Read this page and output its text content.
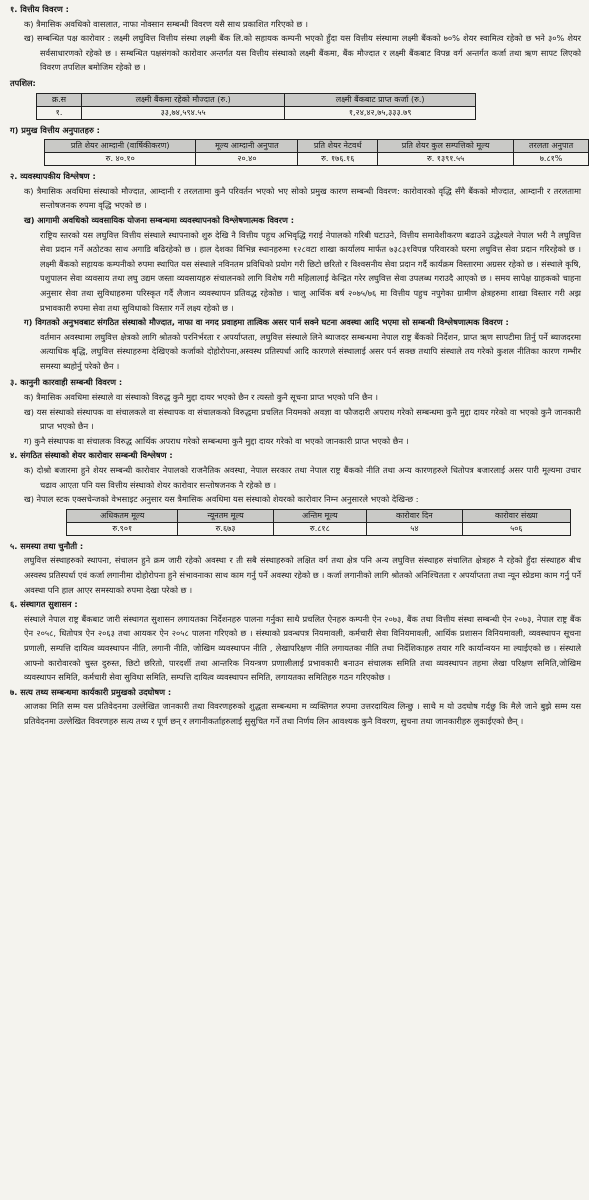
१. वित्तीय विवरण :

क) त्रैमासिक अवधिको वासलात, नाफा नोक्सान सम्बन्धी विवरण यसै साथ प्रकाशित गरिएको छ ।

ख) सम्बन्धित पक्ष कारोवार : लक्ष्मी लघुवित्त वित्तीय संस्था लक्ष्मी बैंक लि.को सहायक कम्पनी भएको हुँदा यस वित्तीय संस्थामा लक्ष्मी बैंकको ७०% शेयर स्वामित्व रहेको छ भने ३०% शेयर सर्वसाधारणको रहेको छ । सम्बन्धित पक्षसंगको कारोवार अन्तर्गत यस वित्तीय संस्थाको लक्ष्मी बैंकमा, बैंक मौज्दात र लक्ष्मी बैंकबाट विपन्न वर्ग अन्तर्गत कर्जा तथा ऋण सापट लिएको विवरण तपशिल बमोजिम रहेको छ ।

तपशिल:
क्र.स	लक्ष्मी बैंकमा रहेको मौज्दात (रु.)	लक्ष्मी बैंकबाट प्राप्त कर्जा (रु.)
१.	३३,७४,५९४.५५	१,२४,४२,७५,३३३.७९
ग) प्रमुख वित्तीय अनुपातहरु :
प्रति शेयर आम्दानी (वार्षिकीकरण)	मूल्य आम्दानी अनुपात	प्रति शेयर नेटवर्थ	प्रति शेयर कुल सम्पत्तिको मूल्य	तरलता अनुपात
रु. ४०.१०	२०.४०	रु. १७६.१६	रु. १३९१.५५	७.८१%
२. व्यवस्थापकीय विश्लेषण :

क) त्रैमासिक अवधिमा संस्थाको मौज्दात, आम्दानी र तरलतामा कुनै परिवर्तन भएको भए सोको प्रमुख कारण सम्बन्धी विवरण: कारोवारको वृद्धि सँगै बैंकको मौज्दात, आम्दानी र तरलतामा सन्तोषजनक रुपमा वृद्धि भएको छ ।

ख) आगामी अवधिको व्यवसायिक योजना सम्बन्धमा व्यवस्थापनको विश्लेषणात्मक विवरण :

राष्ट्रिय स्तरको यस लघुवित्त वित्तीय संस्थाले स्थापनाको शुरु देखि नै वित्तीय पहुच अभिवृद्धि गराई नेपालको गरिबी घटाउने, वित्तीय समावेशीकरण बढाउने उद्धेश्यले नेपाल भरी नै लघुवित्त सेवा प्रदान गर्ने अठोटका साथ अगाडि बढिरहेको छ । हाल देशका विभिन्न स्थानहरुमा १२८वटा शाखा कार्यालय मार्फत ७३८३१विपन्न परिवारको घरमा लघुवित्त सेवा प्रदान गरिरहेको छ । लक्ष्मी बैंकको सहायक कम्पनीको रुपमा स्थापित यस संस्थाले नविनतम प्रविधिको प्रयोग गरी छिटो छरितो र विश्वसनीय सेवा प्रदान गर्दै कार्यक्रम विस्तारमा अग्रसर रहेको छ । संस्थाले कृषि, पशुपालन सेवा व्यवसाय तथा लघु उद्यम जस्ता व्यवसायहरु संचालनको लागि विशेष गरी महिलालाई केन्द्रित गरेर लघुवित्त सेवा उपलब्ध गराउदै आएको छ । समय सापेक्ष ग्राहकको चाहना अनुसार सेवा तथा सुविधाहरुमा परिस्कृत गर्दै लैजान व्यवस्थापन प्रतिवद्ध रहेकोछ । चालु आर्थिक बर्ष २०७५/७६ मा वित्तीय पहुच नपुगेका ग्रामीण क्षेत्रहरुमा शाखा विस्तार गरी अझ प्रभावकारी रुपमा सेवा तथा सुविधाको विस्तार गर्ने लक्ष्य रहेको छ ।

ग) विगतको अनुभवबाट संगठित संस्थाको मौज्दात, नाफा वा नगद प्रवाहमा तात्विक असर पार्न सक्ने घटना अवस्था आदि भएमा सो सम्बन्धी विश्लेषणात्मक विवरण :

वर्तमान अवस्थामा लघुवित्त क्षेत्रको लागि श्रोतको परनिर्भरता र अपर्याप्तता, लघुवित्त संस्थाले लिने ब्याजदर सम्बन्धमा नेपाल राष्ट्र बैंकको निर्देशन, प्राप्त ऋण सापटीमा तिर्नु पर्ने ब्याजदरमा अत्याधिक बृद्धि, लघुवित्त संस्थाहरुमा देखिएको कर्जाको दोहोरोपना,अस्वस्थ प्रतिस्पर्धा आदि कारणले संस्थालाई असर पर्न सक्छ तथापि संस्थाले तय गरेको कुशल नीतिका कारण गम्भीर समस्या ब्यहोर्नु परेको छैन ।

३. कानुनी कारवाही सम्बन्धी विवरण :

क) त्रैमासिक अवधिमा संस्थाले वा संस्थाको विरुद्ध कुनै मुद्दा दायर भएको छैन र त्यस्तो कुनै सूचना प्राप्त भएको पनि छैन ।

ख) यस संस्थाको संस्थापक वा संचालकले वा संस्थापक वा संचालकको विरुद्धमा प्रचलित नियमको अवज्ञा वा फौजदारी अपराध गरेको सम्बन्धमा कुनै मुद्दा दायर गरेको वा भएको कुनै जानकारी प्राप्त भएको छैन ।

ग) कुनै संस्थापक वा संचालक विरुद्ध आर्थिक अपराध गरेको सम्बन्धमा कुनै मुद्दा दायर गरेको वा भएको जानकारी प्राप्त भएको छैन ।

४. संगठित संस्थाको शेयर कारोवार सम्बन्धी विश्लेषण :

क) दोश्रो बजारमा हुने शेयर सम्बन्धी कारोवार नेपालको राजनैतिक अवस्था, नेपाल सरकार तथा नेपाल राष्ट्र बैंकको नीति तथा अन्य कारणहरुले धितोपत्र बजारलाई असर पारी मूल्यमा उचार चढाव आएता पनि यस वित्तीय संस्थाको शेयर कारोवार सन्तोषजनक नै रहेको छ ।

ख) नेपाल स्टक एक्सचेन्जको वेभसाइट अनुसार यस त्रैमासिक अवधिमा यस संस्थाको शेयरको कारोवार निम्न अनुसारले भएको देखिन्छ :

अधिकतम मूल्य	न्यूनतम मूल्य	अन्तिम मूल्य	कारोवार दिन	कारोवार संख्या
रु.९०१	रु.६७३	रु.८१८	५४	५०६
५. समस्या तथा चुनौती :

लघुवित्त संस्थाहरुको स्थापना, संचालन हुने क्रम जारी रहेको अवस्था र ती सबै संस्थाहरुको लक्षित वर्ग तथा क्षेत्र पनि अन्य लघुवित्त संस्थाहरु संचालित क्षेत्रहरु नै रहेको हुँदा संस्थाहरु बीच अस्वस्थ प्रतिस्पर्धा एवं कर्जा लगानीमा दोहोरोपना हुने संभावनाका साथ काम गर्नु पर्ने अवस्था रहेको छ । कर्जा लगानीको लागि श्रोतको अनिश्चितता र अपर्याप्तता तथा न्यून स्प्रेडमा काम गर्नु पर्ने अवस्था पनि हाल आएर समस्याको रुपमा देखा परेको छ ।

६. संस्थागत सुशासन :

संस्थाले नेपाल राष्ट्र बैंकबाट जारी संस्थागत सुशासन लगायतका निर्देशनहरु पालना गर्नुका साथै प्रचलित ऐनहरु कम्पनी ऐन २०७३, बैंक तथा वित्तीय संस्था सम्बन्धी ऐन २०७३, नेपाल राष्ट्र बैंक ऐन २०५८, धितोपत्र ऐन २०६३ तथा आयकर ऐन २०५८ पालना गरिएको छ । संस्थाको प्रवन्धपत्र नियमावली, कर्मचारी सेवा विनियमावली, आर्थिक प्रशासन विनियमावली, व्यवस्थापन सूचना प्रणाली, सम्पत्ति दायित्व व्यवस्थापन नीति, लगानी नीति, जोखिम व्यवस्थापन नीति , लेखापरिक्षण नीति लगायतका नीति तथा निर्देशिकाहरु तयार गरि कार्यान्वयन मा ल्याईएको छ । संस्थाले आफ्नो कारोवारको चुस्त दुरुस्त, छिटो छरितो, पारदर्शी तथा आन्तरिक नियन्त्रण प्रणालीलाई प्रभावकारी बनाउन संचालक समिति तथा व्यवस्थापन तहमा लेखा परिक्षण समिति,जोखिम व्यवस्थापन समिति, कर्मचारी सेवा सुविधा समिति, सम्पत्ति दायित्व व्यवस्थापन समिति, लगायतका समितिहरु गठन गरिएकोछ ।

७. सत्य तथ्य सम्बन्धमा कार्यकारी प्रमुखको उदघोषण :

आजका मिति सम्म यस प्रतिवेदनमा उल्लेखित जानकारी तथा विवरणहरुको शुद्धता सम्बन्धमा म व्यक्तिगत रुपमा उत्तरदायित्व लिन्छु । साथै म यो उदघोष गर्दछु कि मैले जाने बुझे सम्म यस प्रतिवेदनमा उल्लेखित विवरणहरु सत्य तथ्य र पूर्ण छन् र लगानीकर्ताहरुलाई सुसुचित गर्ने तथा निर्णय लिन आवश्यक कुनै विवरण, सुचना तथा जानकारीहरु लुकाईएको छैन् ।
